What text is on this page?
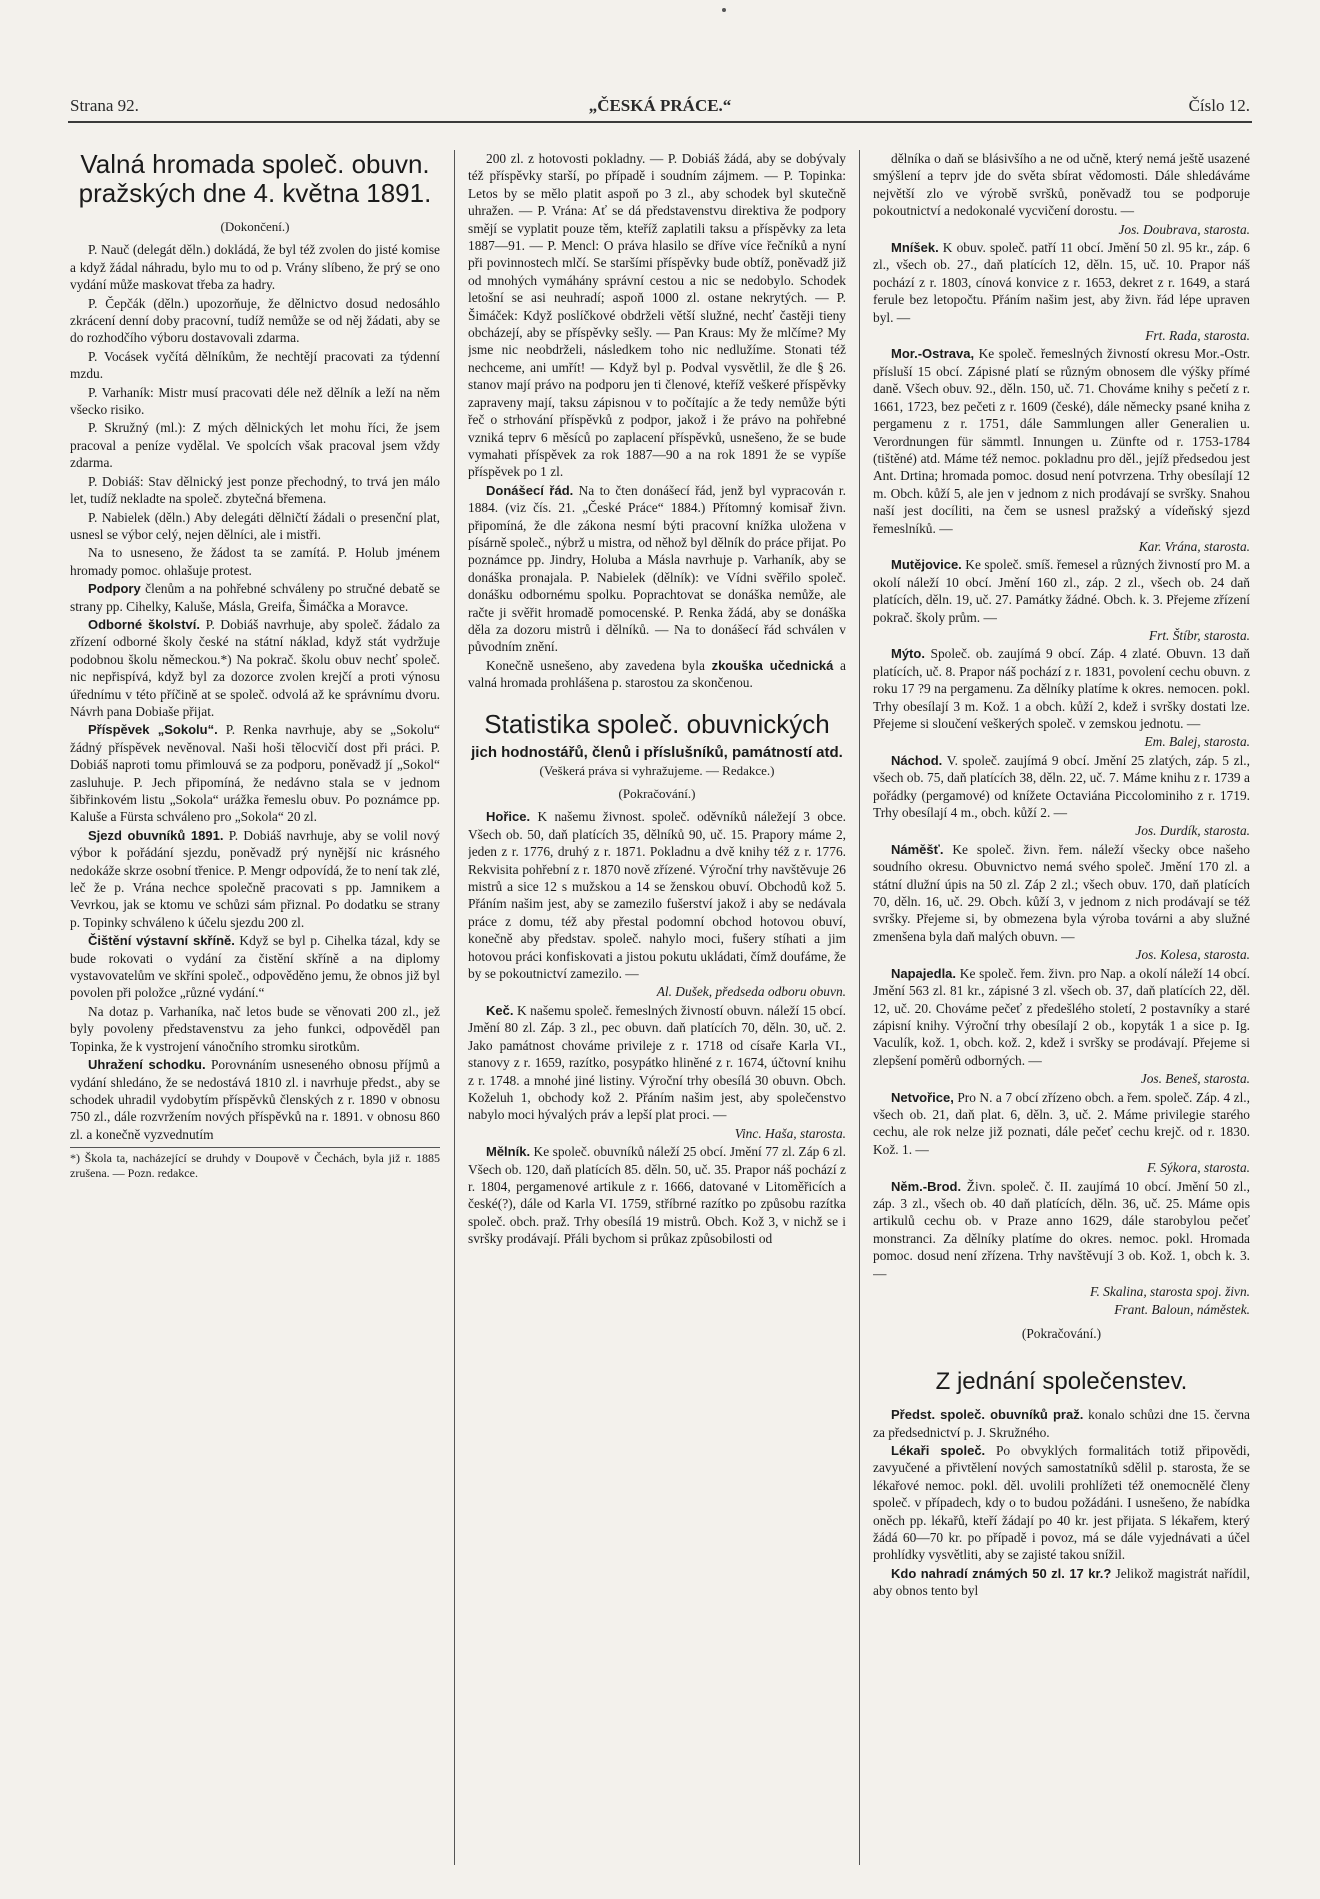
Strana 92.	„ČESKÁ PRÁCE.“	Číslo 12.

Valná hromada společ. obuvn. pražských dne 4. května 1891.

(Dokončení.)

P. Nauč (delegát děln.) dokládá, že byl též zvolen do jisté komise a když žádal náhradu, bylo mu to od p. Vrány slíbeno, že prý se ono vydání může maskovat třeba za hadry.

P. Čepčák (děln.) upozorňuje, že dělnictvo dosud nedosáhlo zkrácení denní doby pracovní, tudíž nemůže se od něj žádati, aby se do rozhodčího výboru dostavovali zdarma.

P. Vocásek vyčítá dělníkům, že nechtějí pracovati za týdenní mzdu.

P. Varhaník: Mistr musí pracovati déle než dělník a leží na něm všecko risiko.

P. Skružný (ml.): Z mých dělnických let mohu říci, že jsem pracoval a peníze vydělal. Ve spolcích však pracoval jsem vždy zdarma.

P. Dobiáš: Stav dělnický jest ponze přechodný, to trvá jen málo let, tudíž nekladte na společ. zbytečná břemena.

P. Nabielek (děln.) Aby delegáti dělničtí žádali o presenční plat, usnesl se výbor celý, nejen dělníci, ale i mistři.

Na to usneseno, že žádost ta se zamítá. P. Holub jménem hromady pomoc. ohlašuje protest.

Podpory členům a na pohřebné schváleny po stručné debatě se strany pp. Cihelky, Kaluše, Másla, Greifa, Šimáčka a Moravce.

Odborné školství. P. Dobiáš navrhuje, aby společ. žádalo za zřízení odborné školy české na státní náklad, když stát vydržuje podobnou školu německou.*) Na pokrač. školu obuv nechť společ. nic nepřispívá, když byl za dozorce zvolen krejčí a proti výnosu úřednímu v této příčině at se společ. odvolá až ke správnímu dvoru. Návrh pana Dobiaše přijat.

Příspěvek „Sokolu“. P. Renka navrhuje, aby se „Sokolu“ žádný příspěvek nevěnoval. Naši hoši tělocvičí dost při práci. P. Dobiáš naproti tomu přimlouvá se za podporu, poněvadž jí „Sokol“ zasluhuje. P. Jech připomíná, že nedávno stala se v jednom šibřinkovém listu „Sokola“ urážka řemeslu obuv. Po poznámce pp. Kaluše a Fürsta schváleno pro „Sokola“ 20 zl.

Sjezd obuvníků 1891. P. Dobiáš navrhuje, aby se volil nový výbor k pořádání sjezdu, poněvadž prý nynější nic krásného nedokáže skrze osobní třenice. P. Mengr odpovídá, že to není tak zlé, leč že p. Vrána nechce společně pracovati s pp. Jamnikem a Vevrkou, jak se ktomu ve schůzi sám přiznal. Po dodatku se strany p. Topinky schváleno k účelu sjezdu 200 zl.

Čištění výstavní skříně. Když se byl p. Cihelka tázal, kdy se bude rokovati o vydání za čistění skříně a na diplomy vystavovatelům ve skříni společ., odpověděno jemu, že obnos již byl povolen při položce „různé vydání.“

Na dotaz p. Varhaníka, nač letos bude se věnovati 200 zl., jež byly povoleny představenstvu za jeho funkci, odpověděl pan Topinka, že k vystrojení vánočního stromku sirotkům.

Uhražení schodku. Porovnáním usneseného obnosu příjmů a vydání shledáno, že se nedostává 1810 zl. i navrhuje předst., aby se schodek uhradil vydobytím příspěvků členských z r. 1890 v obnosu 750 zl., dále rozvržením nových příspěvků na r. 1891. v obnosu 860 zl. a konečně vyzvednutím

*) Škola ta, nacházející se druhdy v Doupově v Čechách, byla již r. 1885 zrušena. — Pozn. redakce.

200 zl. z hotovosti pokladny. — P. Dobiáš žádá, aby se dobývaly též příspěvky starší, po případě i soudním zájmem. — P. Topinka: Letos by se mělo platit aspoň po 3 zl., aby schodek byl skutečně uhražen. — P. Vrána: Ať se dá představenstvu direktiva že podpory smějí se vyplatit pouze těm, kteříž zaplatili taksu a příspěvky za leta 1887—91. — P. Mencl: O práva hlasilo se dříve více řečníků a nyní při povinnostech mlčí. Se staršími příspěvky bude obtíž, poněvadž již od mnohých vymáhány správní cestou a nic se nedobylo. Schodek letošní se asi neuhradí; aspoň 1000 zl. ostane nekrytých. — P. Šimáček: Když poslíčkové obdrželi větší služné, nechť častěji tieny obcházejí, aby se příspěvky sešly. — Pan Kraus: My že mlčíme? My jsme nic neobdrželi, následkem toho nic nedlužíme. Stonati též nechceme, ani umřít! — Když byl p. Podval vysvětlil, že dle § 26. stanov mají právo na podporu jen ti členové, kteříž veškeré příspěvky zapraveny mají, taksu zápisnou v to počítajíc a že tedy nemůže býti řeč o strhování příspěvků z podpor, jakož i že právo na pohřebné vzniká teprv 6 měsíců po zaplacení příspěvků, usnešeno, že se bude vymahati příspěvek za rok 1887—90 a na rok 1891 že se vypíše příspěvek po 1 zl.

Donášecí řád. Na to čten donášecí řád, jenž byl vypracován r. 1884. (viz čís. 21. „České Práce“ 1884.) Přítomný komisař živn. připomíná, že dle zákona nesmí býti pracovní knížka uložena v písárně společ., nýbrž u mistra, od něhož byl dělník do práce přijat. Po poznámce pp. Jindry, Holuba a Másla navrhuje p. Varhaník, aby se donáška pronajala. P. Nabielek (dělník): ve Vídni svěřilo společ. donášku odbornému spolku. Poprachtovat se donáška nemůže, ale račte ji svěřit hromadě pomocenské. P. Renka žádá, aby se donáška děla za dozoru mistrů i dělníků. — Na to donášecí řád schválen v původním znění.

Konečně usnešeno, aby zavedena byla zkouška učednická a valná hromada prohlášena p. starostou za skončenou.

Statistika společ. obuvnických

jich hodnostářů, členů i příslušníků, památností atd.

(Veškerá práva si vyhražujeme. — Redakce.)

(Pokračování.)

Hořice. K našemu živnost. společ. oděvníků náležejí 3 obce. Všech ob. 50, daň platících 35, dělníků 90, uč. 15. Prapory máme 2, jeden z r. 1776, druhý z r. 1871. Pokladnu a dvě knihy též z r. 1776. Rekvisita pohřební z r. 1870 nově zřízené. Výroční trhy navštěvuje 26 mistrů a sice 12 s mužskou a 14 se ženskou obuví. Obchodů kož 5. Přáním našim jest, aby se zamezilo fušerství jakož i aby se nedávala práce z domu, též aby přestal podomní obchod hotovou obuví, konečně aby představ. společ. nahylo moci, fušery stíhati a jim hotovou práci konfiskovati a jistou pokutu ukládati, čímž doufáme, že by se pokoutnictví zamezilo. —

Al. Dušek, předseda odboru obuvn.

Keč. K našemu společ. řemeslných živností obuvn. náleží 15 obcí. Jmění 80 zl. Záp. 3 zl., pec obuvn. daň platících 70, děln. 30, uč. 2. Jako památnost chováme privileje z r. 1718 od císaře Karla VI., stanovy z r. 1659, razítko, posypátko hliněné z r. 1674, účtovní knihu z r. 1748. a mnohé jiné listiny. Výroční trhy obesílá 30 obuvn. Obch. Koželuh 1, obchody kož 2. Přáním našim jest, aby společenstvo nabylo moci hývalých práv a lepší plat proci. —

Vinc. Haša, starosta.

Mělník. Ke společ. obuvníků náleží 25 obcí. Jmění 77 zl. Záp 6 zl. Všech ob. 120, daň platících 85. děln. 50, uč. 35. Prapor náš pochází z r. 1804, pergamenové artikule z r. 1666, datované v Litoměřicích a české(?), dále od Karla VI. 1759, stříbrné razítko po způsobu razítka společ. obch. praž. Trhy obesílá 19 mistrů. Obch. Kož 3, v nichž se i svršky prodávají. Přáli bychom si průkaz způsobilosti od

dělníka o daň se blásivšího a ne od učně, který nemá ještě usazené smýšlení a teprv jde do světa sbírat vědomosti. Dále shledáváme největší zlo ve výrobě svršků, poněvadž tou se podporuje pokoutnictví a nedokonalé vycvičení dorostu. —

Jos. Doubrava, starosta.

Mníšek. K obuv. společ. patří 11 obcí. Jmění 50 zl. 95 kr., záp. 6 zl., všech ob. 27., daň platících 12, děln. 15, uč. 10. Prapor náš pochází z r. 1803, cínová konvice z r. 1653, dekret z r. 1649, a stará ferule bez letopočtu. Přáním našim jest, aby živn. řád lépe upraven byl. —

Frt. Rada, starosta.

Mor.-Ostrava, Ke společ. řemeslných živností okresu Mor.-Ostr. přísluší 15 obcí. Zápisné platí se různým obnosem dle výšky přímé daně. Všech obuv. 92., děln. 150, uč. 71. Chováme knihy s pečetí z r. 1661, 1723, bez pečeti z r. 1609 (české), dále německy psané kniha z pergamenu z r. 1751, dále Sammlungen aller Generalien u. Verordnungen für sämmtl. Innungen u. Zünfte od r. 1753-1784 (tištěné) atd. Máme též nemoc. pokladnu pro děl., jejíž předsedou jest Ant. Drtina; hromada pomoc. dosud není potvrzena. Trhy obesílají 12 m. Obch. kůží 5, ale jen v jednom z nich prodávají se svršky. Snahou naší jest docíliti, na čem se usnesl pražský a vídeňský sjezd řemeslníků. —

Kar. Vrána, starosta.

Mutějovice. Ke společ. smíš. řemesel a různých živností pro M. a okolí náleží 10 obcí. Jmění 160 zl., záp. 2 zl., všech ob. 24 daň platících, děln. 19, uč. 27. Památky žádné. Obch. k. 3. Přejeme zřízení pokrač. školy prům. —

Frt. Štíbr, starosta.

Mýto. Společ. ob. zaujímá 9 obcí. Záp. 4 zlaté. Obuvn. 13 daň platících, uč. 8. Prapor náš pochází z r. 1831, povolení cechu obuvn. z roku 17 ?9 na pergamenu. Za dělníky platíme k okres. nemocen. pokl. Trhy obesílají 3 m. Kož. 1 a obch. kůží 2, kdež i svršky dostati lze. Přejeme si sloučení veškerých společ. v zemskou jednotu. —

Em. Balej, starosta.

Náchod. V. společ. zaujímá 9 obcí. Jmění 25 zlatých, záp. 5 zl., všech ob. 75, daň platících 38, děln. 22, uč. 7. Máme knihu z r. 1739 a pořádky (pergamové) od knížete Octaviána Piccolominiho z r. 1719. Trhy obesílají 4 m., obch. kůží 2. —

Jos. Durdík, starosta.

Náměšť. Ke společ. živn. řem. náleží všecky obce našeho soudního okresu. Obuvnictvo nemá svého společ. Jmění 170 zl. a státní dlužní úpis na 50 zl. Záp 2 zl.; všech obuv. 170, daň platících 70, děln. 16, uč. 29. Obch. kůží 3, v jednom z nich prodávají se též svršky. Přejeme si, by obmezena byla výroba továrni a aby služné zmenšena byla daň malých obuvn. —

Jos. Kolesa, starosta.

Napajedla. Ke společ. řem. živn. pro Nap. a okolí náleží 14 obcí. Jmění 563 zl. 81 kr., zápisné 3 zl. všech ob. 37, daň platících 22, děl. 12, uč. 20. Chováme pečeť z předešlého století, 2 postavníky a staré zápisní knihy. Výroční trhy obesílají 2 ob., kopyták 1 a sice p. Ig. Vaculík, kož. 1, obch. kož. 2, kdež i svršky se prodávají. Přejeme si zlepšení poměrů odborných. —

Jos. Beneš, starosta.

Netvořice, Pro N. a 7 obcí zřízeno obch. a řem. společ. Záp. 4 zl., všech ob. 21, daň plat. 6, děln. 3, uč. 2. Máme privilegie starého cechu, ale rok nelze již poznati, dále pečeť cechu krejč. od r. 1830. Kož. 1. —

F. Sýkora, starosta.

Něm.-Brod. Živn. společ. č. II. zaujímá 10 obcí. Jmění 50 zl., záp. 3 zl., všech ob. 40 daň platících, děln. 36, uč. 25. Máme opis artikulů cechu ob. v Praze anno 1629, dále starobylou pečeť monstranci. Za dělníky platíme do okres. nemoc. pokl. Hromada pomoc. dosud není zřízena. Trhy navštěvují 3 ob. Kož. 1, obch k. 3. —

F. Skalina, starosta spoj. živn.

Frant. Baloun, náměstek.

(Pokračování.)

Z jednání společenstev.

Předst. společ. obuvníků praž. konalo schůzi dne 15. června za předsednictví p. J. Skružného.

Lékaři společ. Po obvyklých formalitách totiž připovědi, zavyučené a přivtělení nových samostatníků sdělil p. starosta, že se lékařové nemoc. pokl. děl. uvolili prohlížeti též onemocnělé členy společ. v případech, kdy o to budou požádáni. I usnešeno, že nabídka oněch pp. lékařů, kteří žádají po 40 kr. jest přijata. S lékařem, který žádá 60—70 kr. po případě i povoz, má se dále vyjednávati a účel prohlídky vysvětliti, aby se zajisté takou snížil.

Kdo nahradí známých 50 zl. 17 kr.? Jelikož magistrát nařídil, aby obnos tento byl
